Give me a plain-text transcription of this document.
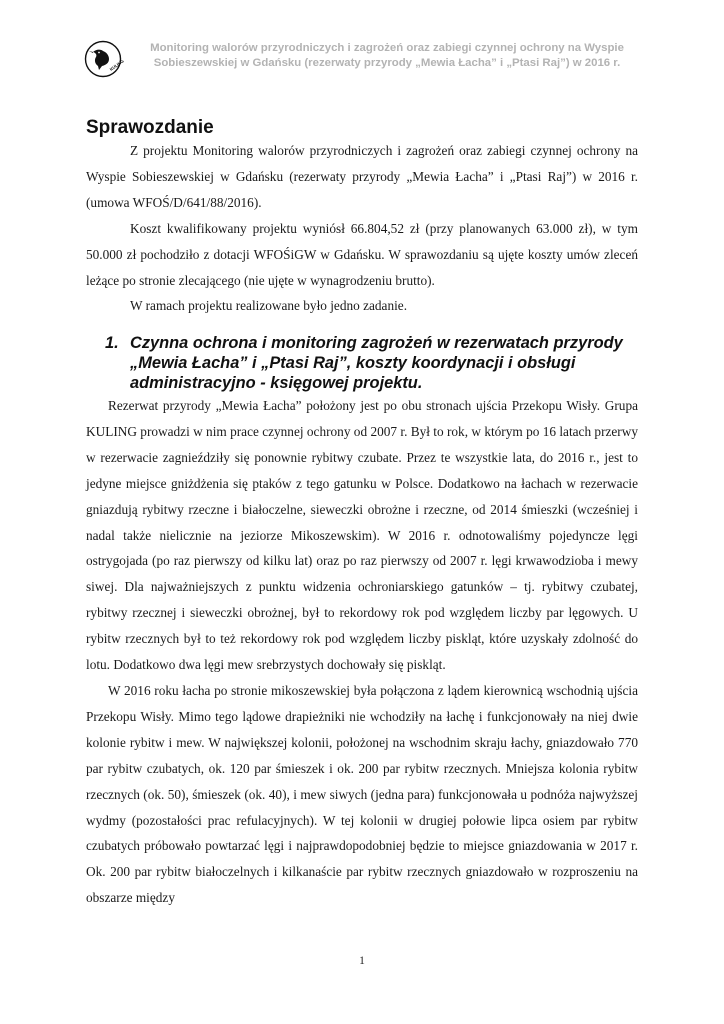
KULING
Monitoring walorów przyrodniczych i zagrożeń oraz zabiegi czynnej ochrony na Wyspie Sobieszewskiej w Gdańsku (rezerwaty przyrody „Mewia Łacha” i „Ptasi Raj”) w 2016 r.
Sprawozdanie

Z projektu Monitoring walorów przyrodniczych i zagrożeń oraz zabiegi czynnej ochrony na Wyspie Sobieszewskiej w Gdańsku (rezerwaty przyrody „Mewia Łacha” i „Ptasi Raj”) w 2016 r. (umowa WFOŚ/D/641/88/2016).

Koszt kwalifikowany projektu wyniósł 66.804,52 zł (przy planowanych 63.000 zł), w tym 50.000 zł pochodziło z dotacji WFOŚiGW w Gdańsku. W sprawozdaniu są ujęte koszty umów zleceń leżące po stronie zlecającego (nie ujęte w wynagrodzeniu brutto).

W ramach projektu realizowane było jedno zadanie.

1. Czynna ochrona i monitoring zagrożeń w rezerwatach przyrody „Mewia Łacha” i „Ptasi Raj”, koszty koordynacji i obsługi administracyjno - księgowej projektu.

Rezerwat przyrody „Mewia Łacha” położony jest po obu stronach ujścia Przekopu Wisły. Grupa KULING prowadzi w nim prace czynnej ochrony od 2007 r. Był to rok, w którym po 16 latach przerwy w rezerwacie zagnieździły się ponownie rybitwy czubate. Przez te wszystkie lata, do 2016 r., jest to jedyne miejsce gniżdżenia się ptaków z tego gatunku w Polsce. Dodatkowo na łachach w rezerwacie gniazdują rybitwy rzeczne i białoczelne, sieweczki obrożne i rzeczne, od 2014 śmieszki (wcześniej i nadal także nielicznie na jeziorze Mikoszewskim). W 2016 r. odnotowaliśmy pojedyncze lęgi ostrygojada (po raz pierwszy od kilku lat) oraz po raz pierwszy od 2007 r. lęgi krwawodzioba i mewy siwej. Dla najważniejszych z punktu widzenia ochroniarskiego gatunków – tj. rybitwy czubatej, rybitwy rzecznej i sieweczki obrożnej, był to rekordowy rok pod względem liczby par lęgowych. U rybitw rzecznych był to też rekordowy rok pod względem liczby piskląt, które uzyskały zdolność do lotu. Dodatkowo dwa lęgi mew srebrzystych dochowały się piskląt.

W 2016 roku łacha po stronie mikoszewskiej była połączona z lądem kierownicą wschodnią ujścia Przekopu Wisły. Mimo tego lądowe drapieżniki nie wchodziły na łachę i funkcjonowały na niej dwie kolonie rybitw i mew. W największej kolonii, położonej na wschodnim skraju łachy, gniazdowało 770 par rybitw czubatych, ok. 120 par śmieszek i ok. 200 par rybitw rzecznych. Mniejsza kolonia rybitw rzecznych (ok. 50), śmieszek (ok. 40), i mew siwych (jedna para) funkcjonowała u podnóża najwyższej wydmy (pozostałości prac refulacyjnych). W tej kolonii w drugiej połowie lipca osiem par rybitw czubatych próbowało powtarzać lęgi i najprawdopodobniej będzie to miejsce gniazdowania w 2017 r. Ok. 200 par rybitw białoczelnych i kilkanaście par rybitw rzecznych gniazdowało w rozproszeniu na obszarze między

1
